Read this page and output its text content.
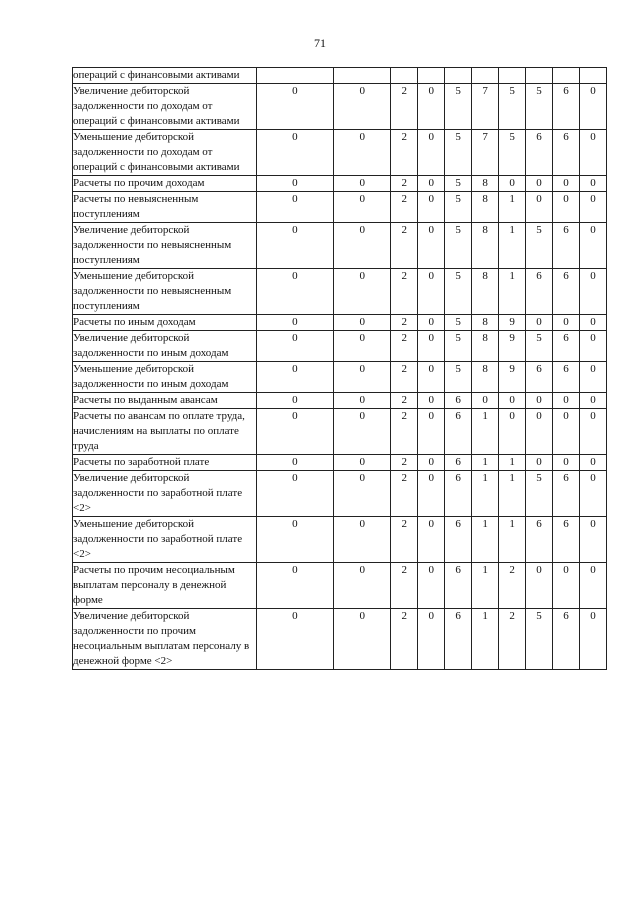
71
операций с финансовыми активами										
Увеличение дебиторской задолженности по доходам от операций с финансовыми активами	0	0	2	0	5	7	5	5	6	0
Уменьшение дебиторской задолженности по доходам от операций с финансовыми активами	0	0	2	0	5	7	5	6	6	0
Расчеты по прочим доходам	0	0	2	0	5	8	0	0	0	0
Расчеты по невыясненным поступлениям	0	0	2	0	5	8	1	0	0	0
Увеличение дебиторской задолженности по невыясненным поступлениям	0	0	2	0	5	8	1	5	6	0
Уменьшение дебиторской задолженности по невыясненным поступлениям	0	0	2	0	5	8	1	6	6	0
Расчеты по иным доходам	0	0	2	0	5	8	9	0	0	0
Увеличение дебиторской задолженности по иным доходам	0	0	2	0	5	8	9	5	6	0
Уменьшение дебиторской задолженности по иным доходам	0	0	2	0	5	8	9	6	6	0
Расчеты по выданным авансам	0	0	2	0	6	0	0	0	0	0
Расчеты по авансам по оплате труда, начислениям на выплаты по оплате труда	0	0	2	0	6	1	0	0	0	0
Расчеты по заработной плате	0	0	2	0	6	1	1	0	0	0
Увеличение дебиторской задолженности по заработной плате <2>	0	0	2	0	6	1	1	5	6	0
Уменьшение дебиторской задолженности по заработной плате <2>	0	0	2	0	6	1	1	6	6	0
Расчеты по прочим несоциальным выплатам персоналу в денежной форме	0	0	2	0	6	1	2	0	0	0
Увеличение дебиторской задолженности по прочим несоциальным выплатам персоналу в денежной форме <2>	0	0	2	0	6	1	2	5	6	0
